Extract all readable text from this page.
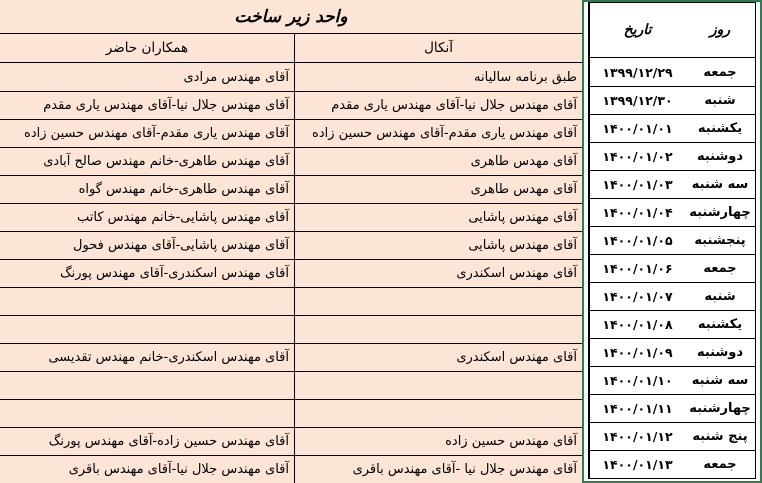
روز
تاریخ
جمعه
۱۳۹۹/۱۲/۲۹
شنبه
۱۳۹۹/۱۲/۳۰
یکشنبه
۱۴۰۰/۰۱/۰۱
دوشنبه
۱۴۰۰/۰۱/۰۲
سه شنبه
۱۴۰۰/۰۱/۰۳
چهارشنبه
۱۴۰۰/۰۱/۰۴
پنجشنبه
۱۴۰۰/۰۱/۰۵
جمعه
۱۴۰۰/۰۱/۰۶
شنبه
۱۴۰۰/۰۱/۰۷
یکشنبه
۱۴۰۰/۰۱/۰۸
دوشنبه
۱۴۰۰/۰۱/۰۹
سه شنبه
۱۴۰۰/۰۱/۱۰
چهارشنبه
۱۴۰۰/۰۱/۱۱
پنج شنبه
۱۴۰۰/۰۱/۱۲
جمعه
۱۴۰۰/۰۱/۱۳
واحد زیر ساخت
آنکال
همکاران حاضر
طبق برنامه سالیانه
آقای مهندس مرادی
آقای مهندس جلال نیا-آقای مهندس یاری مقدم
آقای مهندس جلال نیا-آقای مهندس یاری مقدم
آقای مهندس یاری مقدم-آقای مهندس حسین زاده
آقای مهندس یاری مقدم-آقای مهندس حسین زاده
آقای مهدس طاهری
آقای مهندس طاهری-خانم مهندس صالح آبادی
آقای مهدس طاهری
آقای مهندس طاهری-خانم مهندس گواه
آقای مهندس پاشایی
آقای مهندس پاشایی-خانم مهندس کاتب
آقای مهندس پاشایی
آقای مهندس پاشایی-آقای مهندس فحول
آقای مهندس اسکندری
آقای مهندس اسکندری-آقای مهندس پورنگ
آقای مهندس اسکندری
آقای مهندس اسکندری-خانم مهندس تقدیسی
آقای مهندس حسین زاده
آقای مهندس حسین زاده-آقای مهندس پورنگ
آقای مهندس جلال نیا -آقای مهندس باقری
آقای مهندس جلال نیا-آقای مهندس باقری
